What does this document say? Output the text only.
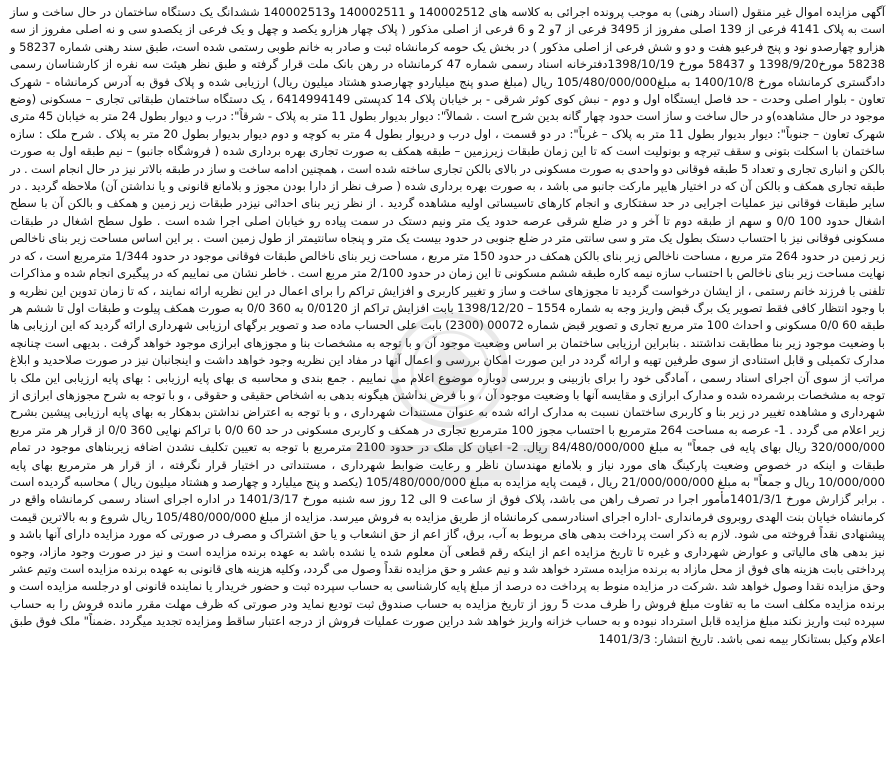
آگهی مزایده اموال غیر منقول (اسناد رهنی) به موجب پرونده اجرائی به کلاسه های 140002512 و 140002511 و140002513 ششدانگ یک دستگاه ساختمان در حال ساخت و ساز است به پلاک 4141 فرعی از 139 اصلی مفروز از 3495 فرعی از 7و 2 و 6 فرعی از اصلی مذکور ( پلاک چهار هزارو یکصد و چهل و یک فرعی از یکصدو سی و نه اصلی مفروز از سه هزارو چهارصدو نود و پنج فرعیو هفت و دو و شش فرعی از اصلی مذکور ) در بخش یک حومه کرمانشاه ثبت و صادر به خانم طوبی رستمی شده است، طبق سند رهنی شماره 58237 و 58238 مورخ1398/9/20 و 58437 مورخ 1398/10/19دفترخانه اسناد رسمی شماره 47 کرمانشاه در رهن بانک ملت قرار گرفته و طبق نظر هیئت سه نفره از کارشناسان رسمی دادگستری کرمانشاه مورخ 1400/10/8 به مبلغ105/480/000/000 ریال (مبلغ صدو پنج میلیاردو چهارصدو هشتاد میلیون ریال) ارزیابی شده و پلاک فوق به آدرس کرمانشاه - شهرک تعاون - بلوار اصلی وحدت - حد فاصل ایستگاه اول و دوم - نبش کوی کوثر شرقی - بر خیابان پلاک 14 کدپستی 6414994149 ، یک دستگاه ساختمان طبقاتی تجاری – مسکونی (وضع موجود در حال مشاهده)و در حال ساخت و ساز است حدود چهار گانه بدین شرح است . شمالاً": دیوار بدیوار بطول 11 متر به پلاک - شرقاً": درب و دیوار بطول 24 متر به خیابان 45 متری شهرک تعاون – جنوباً": دیوار بدیوار بطول 11 متر به پلاک – غرباً": در دو قسمت ، اول درب و دریوار بطول 4 متر به کوچه و دوم دیوار بدیوار بطول 20 متر به پلاک . شرح ملک : سازه ساختمان با اسکلت بتونی و سقف تیرچه و بونولیت است که تا این زمان طبقات زیرزمین – طبقه همکف به صورت تجاری بهره برداری شده ( فروشگاه جانبو) – نیم طبقه اول به صورت بالکن و انباری تجاری و تعداد 5 طبقه فوقانی دو واحدی به صورت مسکونی در بالای بالکن تجاری ساخته شده است ، همچنین ادامه ساخت و ساز در طبقه بالاتر نیز در حال انجام است . در طبقه تجاری همکف و بالکن آن که در اختیار هایپر مارکت جانبو می باشد ، به صورت بهره برداری شده ( صرف نظر از دارا بودن مجوز و بلامانع قانونی و یا نداشتن آن) ملاحظه گردید . در سایر طبقات فوقانی نیز عملیات اجرایی در حد سفتکاری و انجام کارهای تاسیساتی اولیه مشاهده گردید . از نظر زیر بنای احداثی نیزدر طبقات زیر زمین و همکف و بالکن آن با سطح اشغال حدود 100 0/0 و سهم از طبقه دوم تا آخر و در ضلع شرقی عرصه حدود یک متر ونیم دستک در سمت پیاده رو خیابان اصلی اجرا شده است . طول سطح اشغال در طبقات مسکونی فوقانی نیز با احتساب دستک بطول یک متر و سی سانتی متر در ضلع جنوبی در حدود بیست یک متر و پنجاه سانتیمتر از طول زمین است . بر این اساس مساحت زیر بنای ناخالص زیر زمین در حدود 264 متر مربع ، مساحت ناخالص زیر بنای بالکن همکف در حدود 150 متر مربع ، مساحت زیر بنای ناخالص طبقات فوقانی موجود در حدود 1/344 مترمربع است ، که در نهایت مساحت زیر بنای ناخالص با احتساب سازه نیمه کاره طبقه ششم مسکونی تا این زمان در حدود 2/100 متر مربع است . خاطر نشان می نماییم که در پیگیری انجام شده و مذاکرات تلفنی با فرزند خانم رستمی ، از ایشان درخواست گردید تا مجوزهای ساخت و ساز و تغییر کاربری و افزایش تراکم را برای اعمال در این نظریه ارائه نمایند ، که تا زمان تدوین این نظریه و با وجود انتظار کافی فقط تصویر یک برگ قبض واریز وجه به شماره 1554 – 1398/12/20 بابت افزایش تراکم از 0/0120 به 360 0/0 به صورت همکف پیلوت و طبقات اول تا ششم هر طبقه 60 0/0 مسکونی و احداث 100 متر مربع تجاری و تصویر قبض شماره 00072 (2300) بابت علی الحساب ماده صد و تصویر برگهای ارزیابی شهرداری ارائه گردید که این ارزیابی ها با وضعیت موجود زیر بنا مطابقت نداشتند . بنابراین ارزیابی ساختمان بر اساس وضعیت موجود آن و با توجه به مشخصات بنا و مجوزهای ابرازی موجود خواهد گرفت . بدیهی است چنانچه مدارک تکمیلی و قابل استنادی از سوی طرفین تهیه و ارائه گردد در این صورت امکان بررسی و اعمال آنها در مفاد این نظریه وجود خواهد داشت و اینجانبان نیز در صورت صلاحدید و ابلاغ مراتب از سوی آن اجرای اسناد رسمی ، آمادگی خود را برای بازبینی و بررسی دوباره موضوع اعلام می نماییم . جمع بندی و محاسبه ی بهای پایه ارزیابی : بهای پایه ارزیابی این ملک با توجه به مشخصات برشمرده شده و مدارک ابرازی و مقایسه آنها با وضعیت موجود آن ، و با فرض نداشتن هیگونه بدهی به اشخاص حقیقی و حقوقی ، و با توجه به شرح مجوزهای ابرازی از شهرداری و مشاهده تغییر در زیر بنا و کاربری ساختمان نسبت به مدارک ارائه شده به عنوان مستندات شهرداری ، و با توجه به اعتراض نداشتن بدهکار به بهای پایه ارزیابی پیشین بشرح زیر اعلام می گردد . 1- عرصه به مساحت 264 مترمربع با احتساب مجوز 100 مترمربع تجاری در همکف و کاربری مسکونی در حد 60 0/0 با تراکم نهایی 360 0/0 از قرار هر متر مربع 320/000/000 ریال بهای پایه فی جمعاً" به مبلغ 84/480/000/000 ریال. 2- اعیان کل ملک در حدود 2100 مترمربع با توجه به تعیین تکلیف نشدن اضافه زیربناهای موجود در تمام طبقات و اینکه در خصوص وضعیت پارکینگ های مورد نیاز و بلامانع مهندسان ناظر و رعایت ضوابط شهرداری ، مستنداتی در اختیار قرار نگرفته ، از قرار هر مترمربع بهای پایه 10/000/000 ریال و جمعاً" به مبلغ 21/000/000/000 ریال ، قیمت پایه مزایده به مبلغ 105/480/000/000 (یکصد و پنج میلیارد و چهارصد و هشتاد میلیون ریال ) محاسبه گردیده است . برابر گزارش مورخ 1401/3/1مأمور اجرا در تصرف راهن می باشد، پلاک فوق از ساعت 9 الی 12 روز سه شنبه مورخ 1401/3/17 در اداره اجرای اسناد رسمی کرمانشاه واقع در کرمانشاه خیابان بنت الهدی روبروی فرمانداری -اداره اجرای اسنادرسمی کرمانشاه از طریق مزایده به فروش میرسد. مزایده از مبلغ 105/480/000/000 ریال شروع و به بالاترین قیمت پیشنهادی نقداً فروخته می شود. لازم به ذکر است پرداخت بدهی های مربوط به آب، برق، گاز اعم از حق انشعاب و یا حق اشتراک و مصرف در صورتی که مورد مزایده دارای آنها باشد و نیز بدهی های مالیاتی و عوارض شهرداری و غیره تا تاریخ مزایده اعم از اینکه رقم قطعی آن معلوم شده یا نشده باشد به عهده برنده مزایده است و نیز در صورت وجود مازاد، وجوه پرداختی بابت هزینه های فوق از محل مازاد به برنده مزایده مسترد خواهد شد و نیم عشر و حق مزایده نقداً وصول می گردد، وکلیه هزینه های قانونی به عهده برنده مزایده است وتیم عشر وحق مزایده نقدا وصول خواهد شد .شرکت در مزایده منوط به پرداخت ده درصد از مبلغ پایه کارشناسی به حساب سپرده ثبت و حضور خریدار یا نماینده قانونی او درجلسه مزایده است و برنده مزایده مکلف است ما به تفاوت مبلغ فروش را ظرف مدت 5 روز از تاریخ مزایده به حساب صندوق ثبت تودیع نماید ودر صورتی که ظرف مهلت مقرر مانده فروش را به حساب سپرده ثبت واریز نکند مبلغ مزایده قابل استرداد نبوده و به حساب خزانه واریز خواهد شد دراین صورت عملیات فروش از درجه اعتبار ساقط ومزایده تجدید میگردد .ضمناً" ملک فوق طبق اعلام وکیل بستانکار بیمه نمی باشد. تاریخ انتشار: 1401/3/3
